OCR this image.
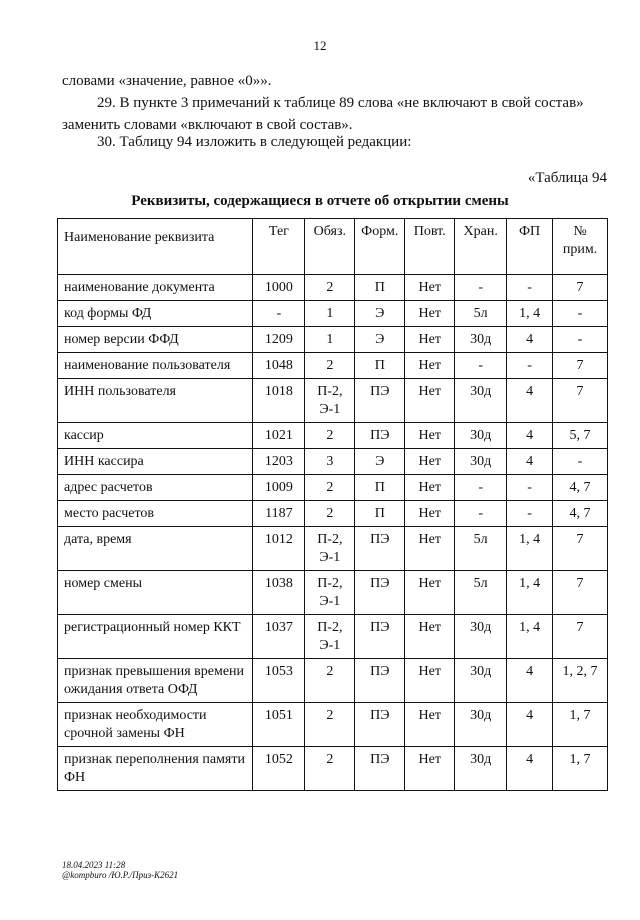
12
словами «значение, равное «0»».
29. В пункте 3 примечаний к таблице 89 слова «не включают в свой состав»
заменить словами «включают в свой состав».
30. Таблицу 94 изложить в следующей редакции:
«Таблица 94
Реквизиты, содержащиеся в отчете об открытии смены
Наименование реквизита	Тег	Обяз.	Форм.	Повт.	Хран.	ФП	№ прим.
наименование документа	1000	2	П	Нет	-	-	7
код формы ФД	-	1	Э	Нет	5л	1, 4	-
номер версии ФФД	1209	1	Э	Нет	30д	4	-
наименование пользователя	1048	2	П	Нет	-	-	7
ИНН пользователя	1018	П-2, Э-1	ПЭ	Нет	30д	4	7
кассир	1021	2	ПЭ	Нет	30д	4	5, 7
ИНН кассира	1203	3	Э	Нет	30д	4	-
адрес расчетов	1009	2	П	Нет	-	-	4, 7
место расчетов	1187	2	П	Нет	-	-	4, 7
дата, время	1012	П-2, Э-1	ПЭ	Нет	5л	1, 4	7
номер смены	1038	П-2, Э-1	ПЭ	Нет	5л	1, 4	7
регистрационный номер ККТ	1037	П-2, Э-1	ПЭ	Нет	30д	1, 4	7
признак превышения времени ожидания ответа ОФД	1053	2	ПЭ	Нет	30д	4	1, 2, 7
признак необходимости срочной замены ФН	1051	2	ПЭ	Нет	30д	4	1, 7
признак переполнения памяти ФН	1052	2	ПЭ	Нет	30д	4	1, 7
18.04.2023 11:28
@kompburo /Ю.Р./Приз-К2621
